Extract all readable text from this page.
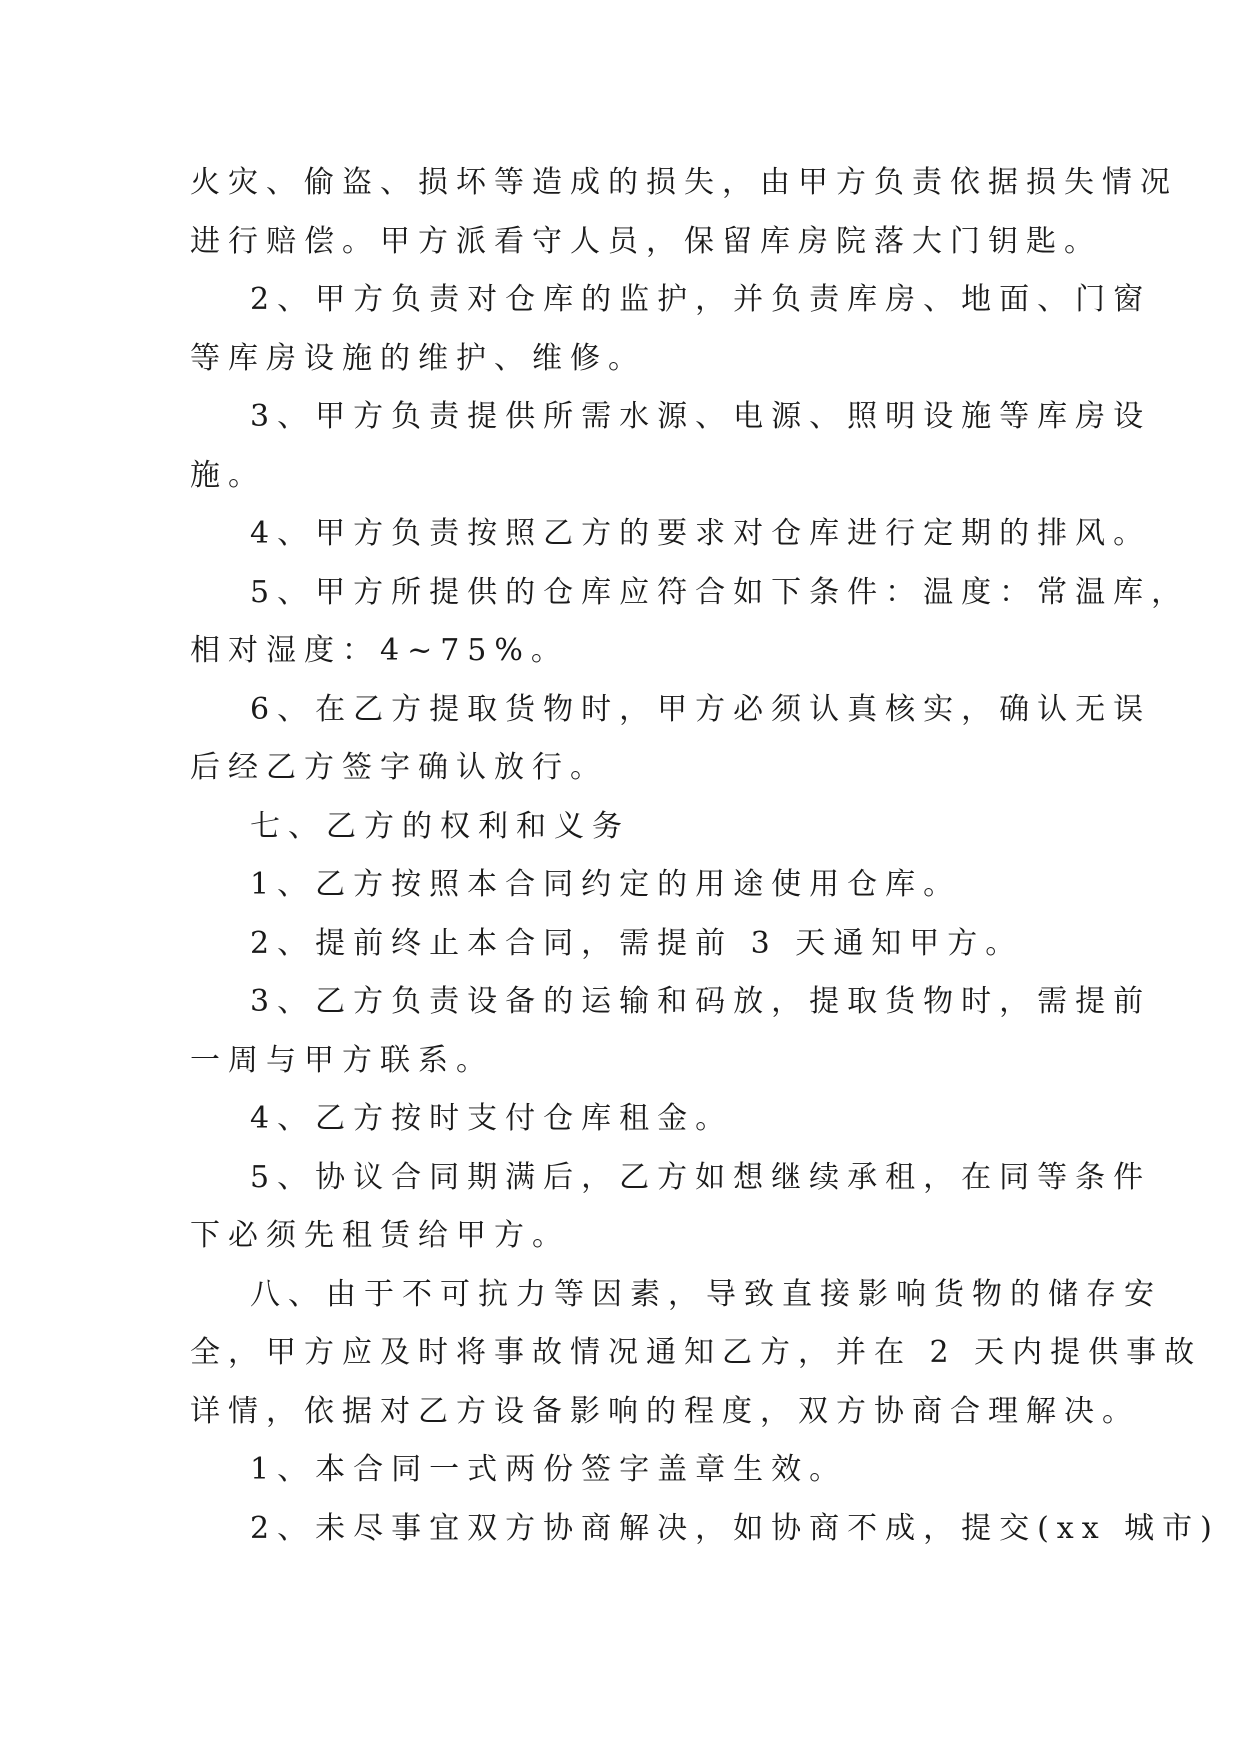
火灾、偷盗、损坏等造成的损失，由甲方负责依据损失情况
进行赔偿。甲方派看守人员，保留库房院落大门钥匙。
2、甲方负责对仓库的监护，并负责库房、地面、门窗
等库房设施的维护、维修。
3、甲方负责提供所需水源、电源、照明设施等库房设
施。
4、甲方负责按照乙方的要求对仓库进行定期的排风。
5、甲方所提供的仓库应符合如下条件：温度：常温库，
相对湿度：4~75%。
6、在乙方提取货物时，甲方必须认真核实，确认无误
后经乙方签字确认放行。
七、乙方的权利和义务
1、乙方按照本合同约定的用途使用仓库。
2、提前终止本合同，需提前 3 天通知甲方。
3、乙方负责设备的运输和码放，提取货物时，需提前
一周与甲方联系。
4、乙方按时支付仓库租金。
5、协议合同期满后，乙方如想继续承租，在同等条件
下必须先租赁给甲方。
八、由于不可抗力等因素，导致直接影响货物的储存安
全，甲方应及时将事故情况通知乙方，并在 2 天内提供事故
详情，依据对乙方设备影响的程度，双方协商合理解决。
1、本合同一式两份签字盖章生效。
2、未尽事宜双方协商解决，如协商不成，提交(xx 城市)
